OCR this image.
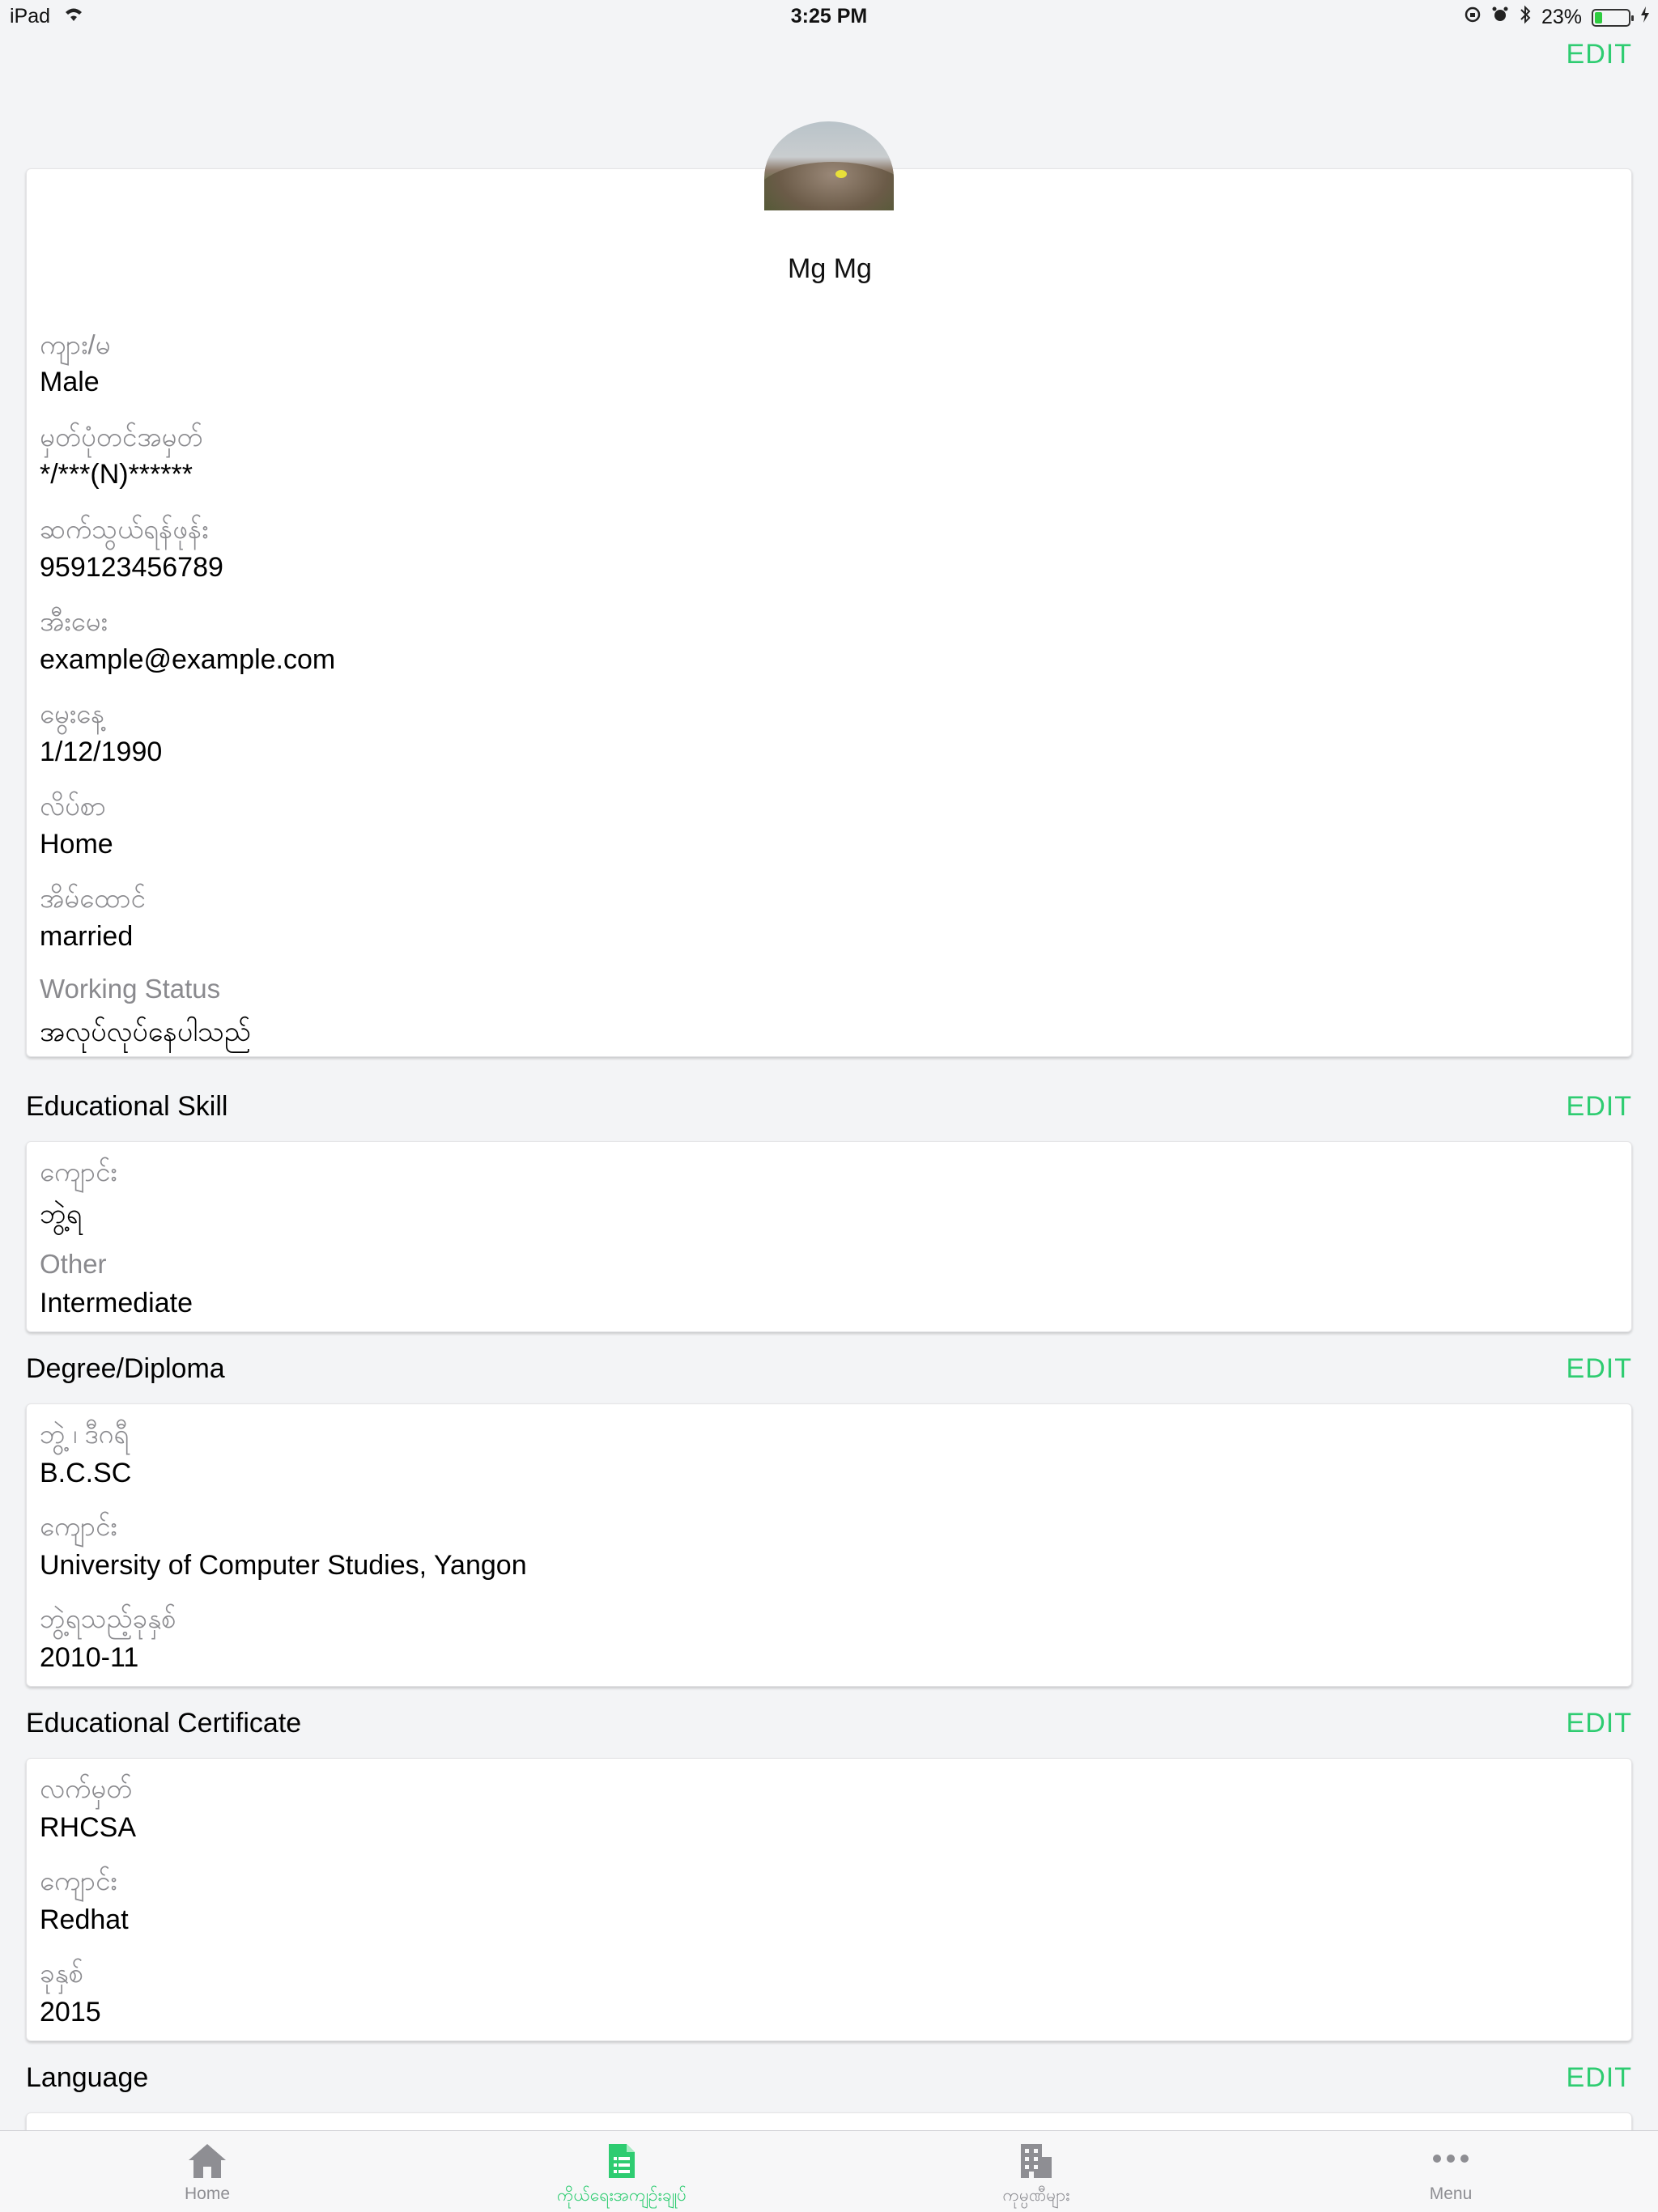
iPad	3:25 PM	23%
EDIT
Mg Mg
ကျား/မ
Male
မှတ်ပုံတင်အမှတ်
*/***(N)******
ဆက်သွယ်ရန်ဖုန်း
959123456789
အီးမေး
example@example.com
မွေးနေ့
1/12/1990
လိပ်စာ
Home
အိမ်ထောင်
married
Working Status
အလုပ်လုပ်နေပါသည်
Educational Skill	EDIT
ကျောင်း
ဘွဲ့ရ
Other
Intermediate
Degree/Diploma	EDIT
ဘွဲ့ ၊ ဒီဂရီ
B.C.SC
ကျောင်း
University of Computer Studies, Yangon
ဘွဲ့ရသည့်ခုနှစ်
2010-11
Educational Certificate	EDIT
လက်မှတ်
RHCSA
ကျောင်း
Redhat
ခုနှစ်
2015
Language	EDIT
Home	ကိုယ်ရေးအကျဉ်းချုပ်	ကုမ္ပဏီများ	Menu
